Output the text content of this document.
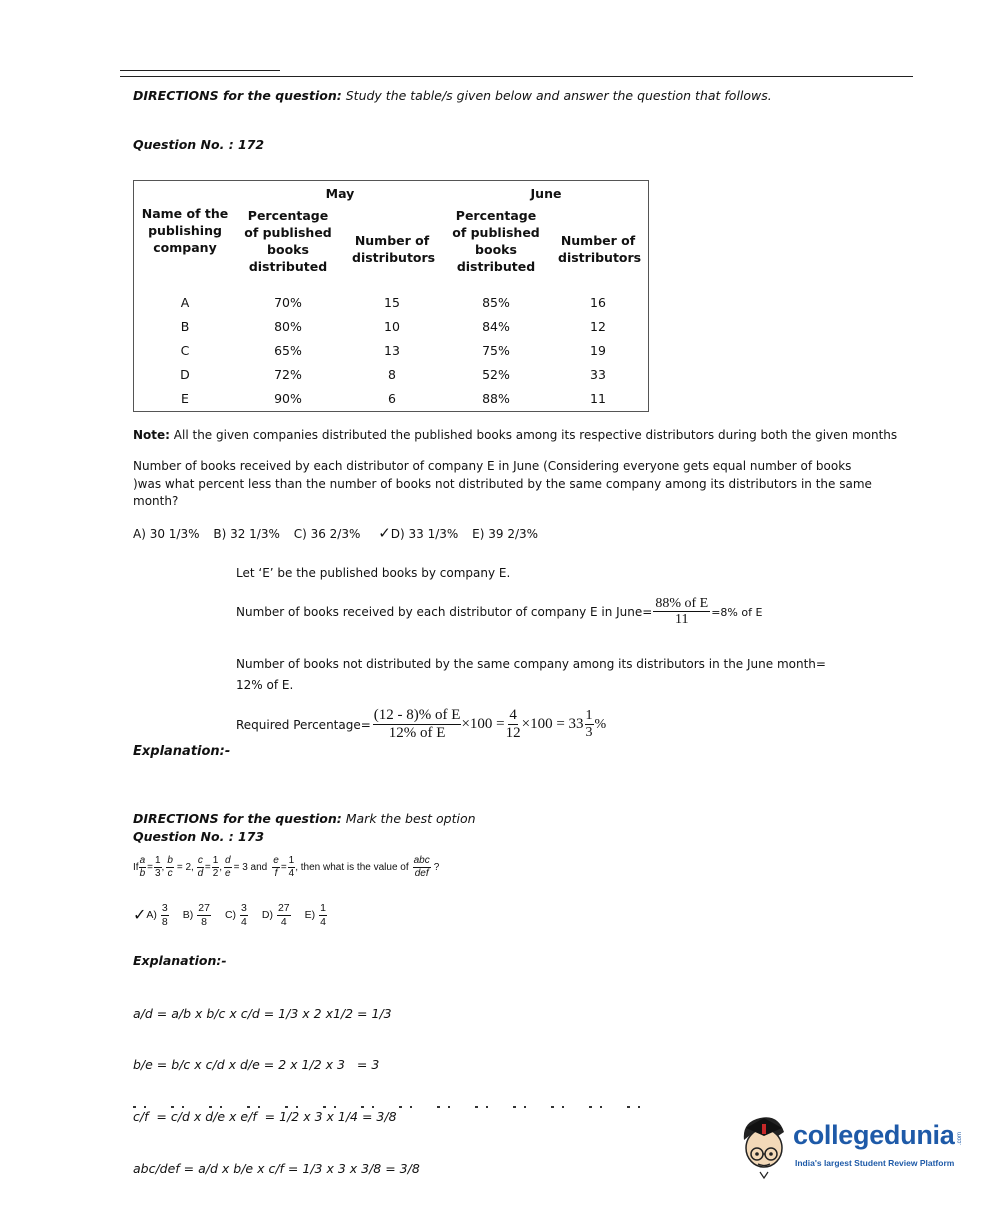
DIRECTIONS for the question: Study the table/s given below and answer the question that follows.
Question No. : 172
	May		June	

Name of the publishing company	Percentage of published books distributed	Number of distributors	Percentage of published books distributed	Number of distributors

A	70%	15	85%	16
B	80%	10	84%	12
C	65%	13	75%	19
D	72%	8	52%	33
E	90%	6	88%	11
Note: All the given companies distributed the published books among its respective distributors during both the given months
Number of books received by each distributor of company E in June (Considering everyone gets equal number of books )was what percent less than the number of books not distributed by the same company among its distributors in the same month?
A) 30 1/3% B) 32 1/3% C) 36 2/3% ✓D) 33 1/3% E) 39 2/3%
Let ‘E’ be the published books by company E.
Number of books received by each distributor of company E in June= $\frac{\text{88\% of E}}{11} =8\%$ of E
Number of books not distributed by the same company among its distributors in the June month= 12% of E.
Required Percentage= $\frac{\text{(12 - 8)\% of E}}{\text{12\% of E}} \times 100 = \frac{4}{12} \times 100 = 33 \frac{1}{3}$ %
Explanation:-
DIRECTIONS for the question: Mark the best option
Question No. : 173
If $\frac{a}{b} = \frac{1}{3}$ , $\frac{b}{c} = 2$, $\frac{c}{d} = \frac{1}{2}$ , $\frac{d}{e} = 3$ and $\frac{e}{f} = \frac{1}{4}$ , then what is the value of $\frac{\text{abc}}{\text{def}}$ ?
✓ $A) \frac{3}{8} B) \frac{27}{8} C) \frac{3}{4} D) \frac{27}{4} E) \frac{1}{4}$
Explanation:-

a/d = a/b x b/c x c/d = 1/3 x 2 x1/2 = 1/3

b/e = b/c x c/d x d/e = 2 x 1/2 x 3   = 3

c/f  = c/d x d/e x e/f  = 1/2 x 3 x 1/4 = 3/8

abc/def = a/d x b/e x c/f = 1/3 x 3 x 3/8 = 3/8

collegedunia .com
India's largest Student Review Platform
